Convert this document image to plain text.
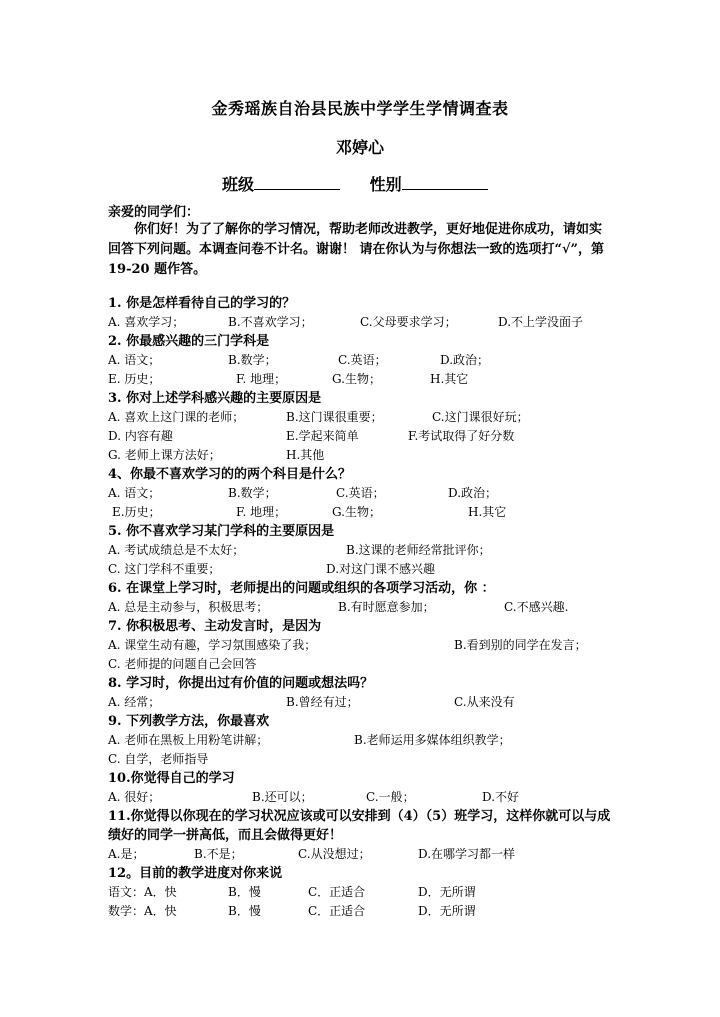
金秀瑶族自治县民族中学学生学情调查表
邓婷心
班级	性别
亲爱的同学们：
你们好！为了了解你的学习情况，帮助老师改进教学，更好地促进你成功，请如实回答下列问题。本调查问卷不计名。谢谢！ 请在你认为与你想法一致的选项打“√”，第 19-20 题作答。
1. 你是怎样看待自己的学习的？
A. 喜欢学习；	B.不喜欢学习；	C.父母要求学习；	D.不上学没面子
2. 你最感兴趣的三门学科是
A. 语文；	B.数学；	C.英语；	D.政治；
E. 历史；	F. 地理；	G.生物；	H.其它
3. 你对上述学科感兴趣的主要原因是
A. 喜欢上这门课的老师；	B.这门课很重要；	C.这门课很好玩；
D. 内容有趣	E.学起来简单	F.考试取得了好分数
G. 老师上课方法好；	H.其他
4、你最不喜欢学习的的两个科目是什么？
A. 语文；	B.数学；	C.英语；	D.政治；
E.历史；	F. 地理；	G.生物；	H.其它
5. 你不喜欢学习某门学科的主要原因是
A. 考试成绩总是不太好；	B.这课的老师经常批评你；
C. 这门学科不重要；	D.对这门课不感兴趣
6. 在课堂上学习时，老师提出的问题或组织的各项学习活动，你 ：
A. 总是主动参与，积极思考；	B.有时愿意参加；	C.不感兴趣.
7. 你积极思考、主动发言时，是因为
A. 课堂生动有趣，学习氛围感染了我；	B.看到别的同学在发言；
C. 老师提的问题自己会回答
8. 学习时，你提出过有价值的问题或想法吗？
A. 经常；	B.曾经有过；	C.从来没有
9. 下列教学方法，你最喜欢
A. 老师在黑板上用粉笔讲解；	B.老师运用多媒体组织教学；
C. 自学，老师指导
10.你觉得自己的学习
A. 很好；	B.还可以；	C.一般；	D.不好
11.你觉得以你现在的学习状况应该或可以安排到（4）（5）班学习，这样你就可以与成绩好的同学一拼高低，而且会做得更好！
A.是；	B.不是；	C.从没想过；	D.在哪学习都一样
12。目前的教学进度对你来说
语文：A．快	B．慢	C．正适合	D．无所谓
数学：A．快	B．慢	C．正适合	D．无所谓
